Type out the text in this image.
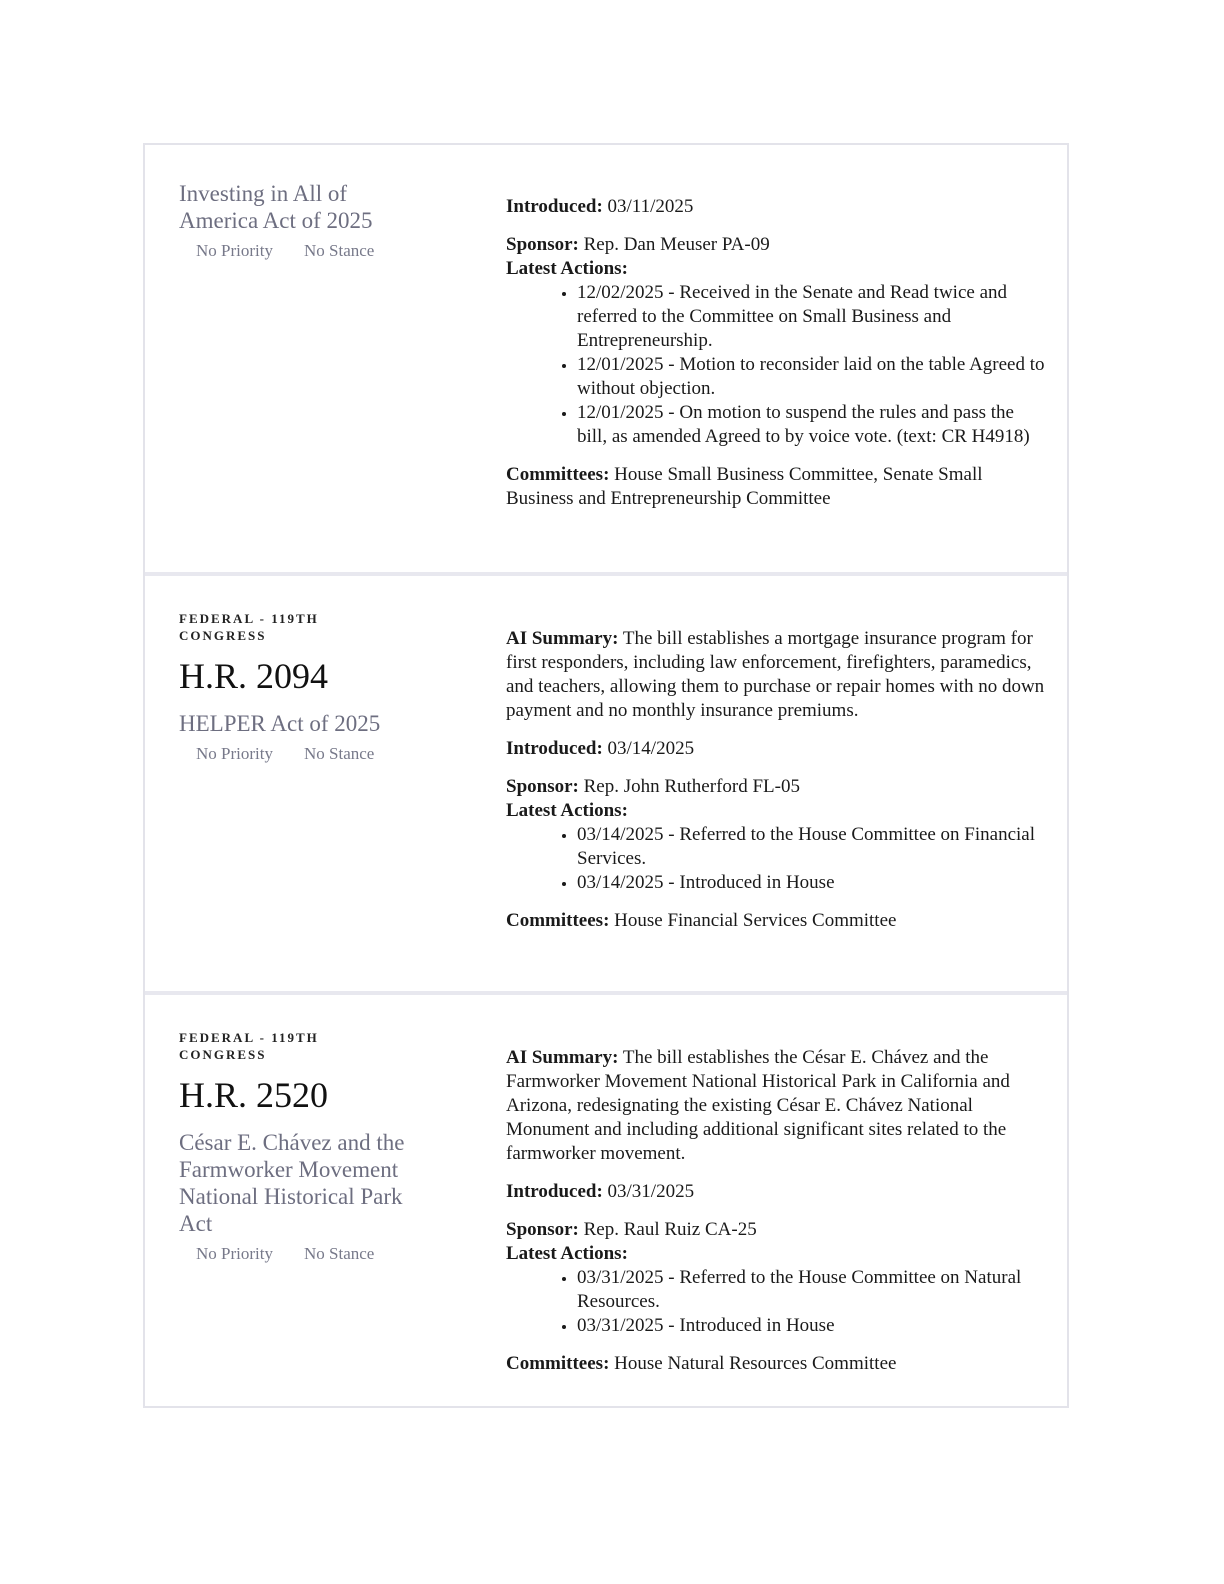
Investing in All of America Act of 2025
No Priority No Stance

Introduced: 03/11/2025

Sponsor: Rep. Dan Meuser PA-09

Latest Actions:

• 12/02/2025 - Received in the Senate and Read twice and referred to the Committee on Small Business and Entrepreneurship.
• 12/01/2025 - Motion to reconsider laid on the table Agreed to without objection.
• 12/01/2025 - On motion to suspend the rules and pass the bill, as amended Agreed to by voice vote. (text: CR H4918)

Committees: House Small Business Committee, Senate Small Business and Entrepreneurship Committee

FEDERAL - 119TH CONGRESS
H.R. 2094
HELPER Act of 2025
No Priority No Stance

AI Summary: The bill establishes a mortgage insurance program for first responders, including law enforcement, firefighters, paramedics, and teachers, allowing them to purchase or repair homes with no down payment and no monthly insurance premiums.

Introduced: 03/14/2025

Sponsor: Rep. John Rutherford FL-05

Latest Actions:

• 03/14/2025 - Referred to the House Committee on Financial Services.
• 03/14/2025 - Introduced in House

Committees: House Financial Services Committee

FEDERAL - 119TH CONGRESS
H.R. 2520
César E. Chávez and the Farmworker Movement National Historical Park Act
No Priority No Stance

AI Summary: The bill establishes the César E. Chávez and the Farmworker Movement National Historical Park in California and Arizona, redesignating the existing César E. Chávez National Monument and including additional significant sites related to the farmworker movement.

Introduced: 03/31/2025

Sponsor: Rep. Raul Ruiz CA-25

Latest Actions:

• 03/31/2025 - Referred to the House Committee on Natural Resources.
• 03/31/2025 - Introduced in House

Committees: House Natural Resources Committee
